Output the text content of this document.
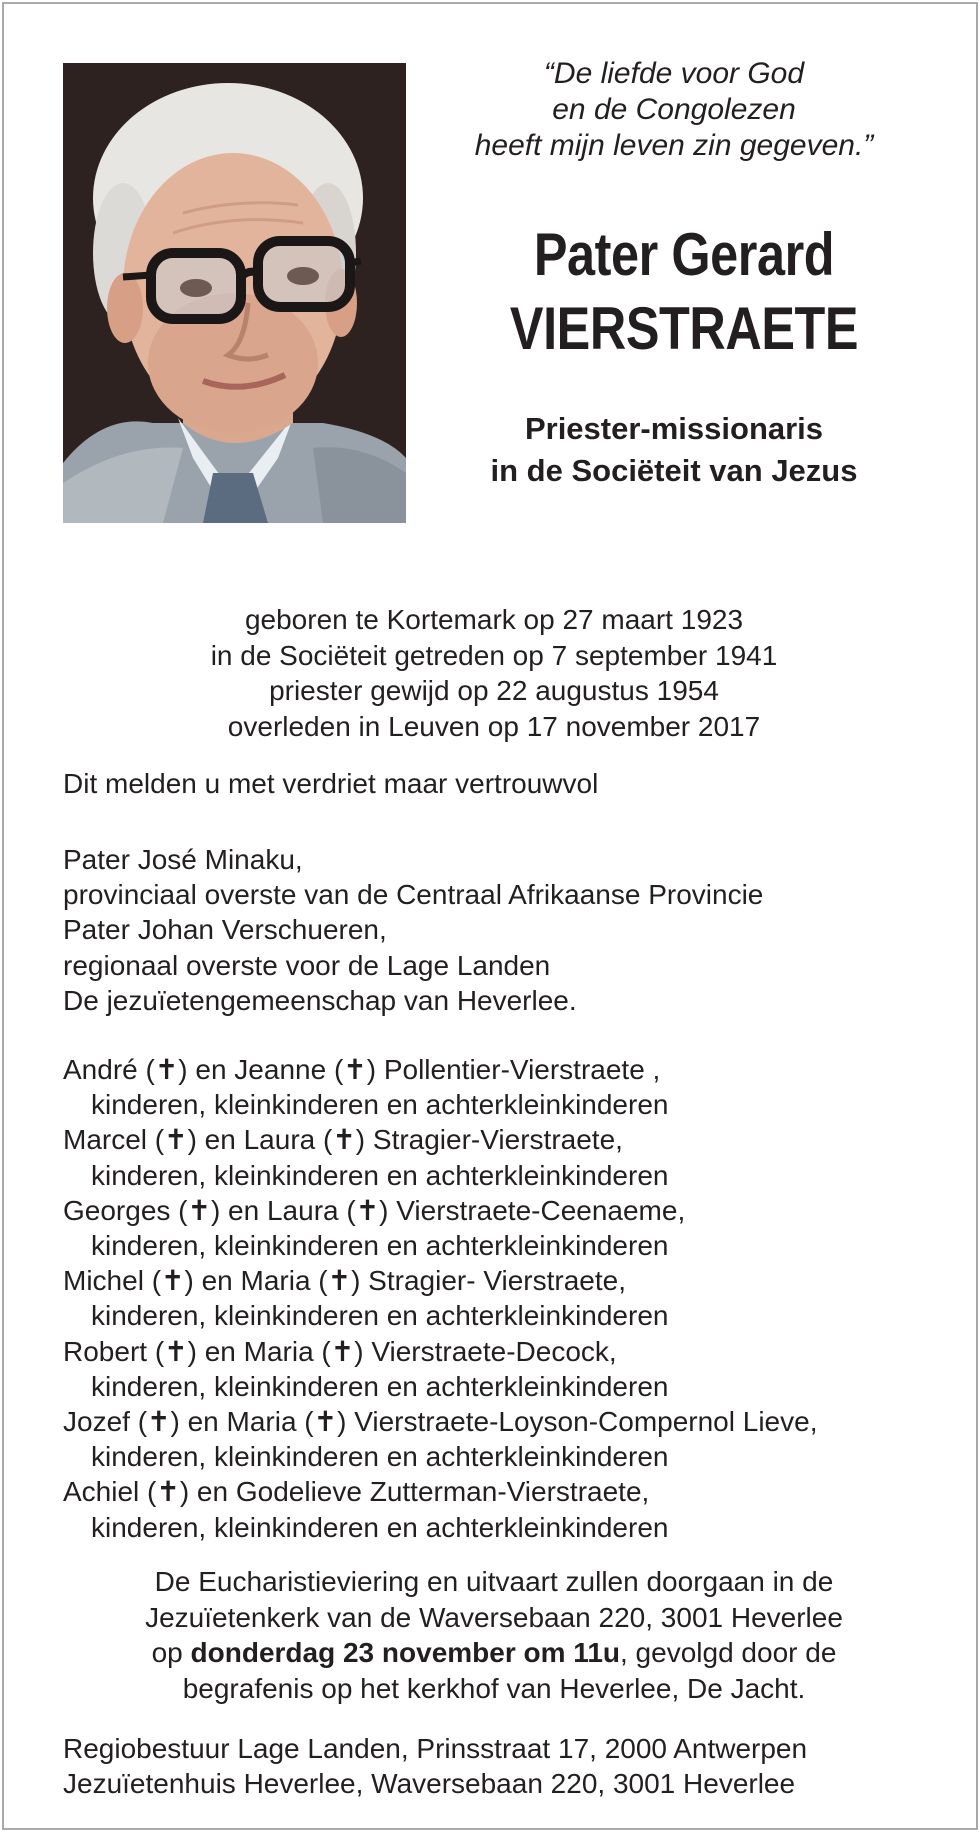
“De liefde voor God
en de Congolezen
heeft mijn leven zin gegeven.”
Pater Gerard
VIERSTRAETE
Priester-missionaris
in de Sociëteit van Jezus
geboren te Kortemark op 27 maart 1923
in de Sociëteit getreden op 7 september 1941
priester gewijd op 22 augustus 1954
overleden in Leuven op 17 november 2017
Dit melden u met verdriet maar vertrouwvol
Pater José Minaku,
provinciaal overste van de Centraal Afrikaanse Provincie
Pater Johan Verschueren,
regionaal overste voor de Lage Landen
De jezuïetengemeenschap van Heverlee.
André (✝) en Jeanne (✝) Pollentier-Vierstraete ,
kinderen, kleinkinderen en achterkleinkinderen
Marcel (✝) en Laura (✝) Stragier-Vierstraete,
kinderen, kleinkinderen en achterkleinkinderen
Georges (✝) en Laura (✝) Vierstraete-Ceenaeme,
kinderen, kleinkinderen en achterkleinkinderen
Michel (✝) en Maria (✝) Stragier- Vierstraete,
kinderen, kleinkinderen en achterkleinkinderen
Robert (✝) en Maria (✝) Vierstraete-Decock,
kinderen, kleinkinderen en achterkleinkinderen
Jozef (✝) en Maria (✝) Vierstraete-Loyson-Compernol Lieve,
kinderen, kleinkinderen en achterkleinkinderen
Achiel (✝) en Godelieve Zutterman-Vierstraete,
kinderen, kleinkinderen en achterkleinkinderen
De Eucharistieviering en uitvaart zullen doorgaan in de
Jezuïetenkerk van de Waversebaan 220, 3001 Heverlee
op donderdag 23 november om 11u, gevolgd door de
begrafenis op het kerkhof van Heverlee, De Jacht.
Regiobestuur Lage Landen, Prinsstraat 17, 2000 Antwerpen
Jezuïetenhuis Heverlee, Waversebaan 220, 3001 Heverlee
